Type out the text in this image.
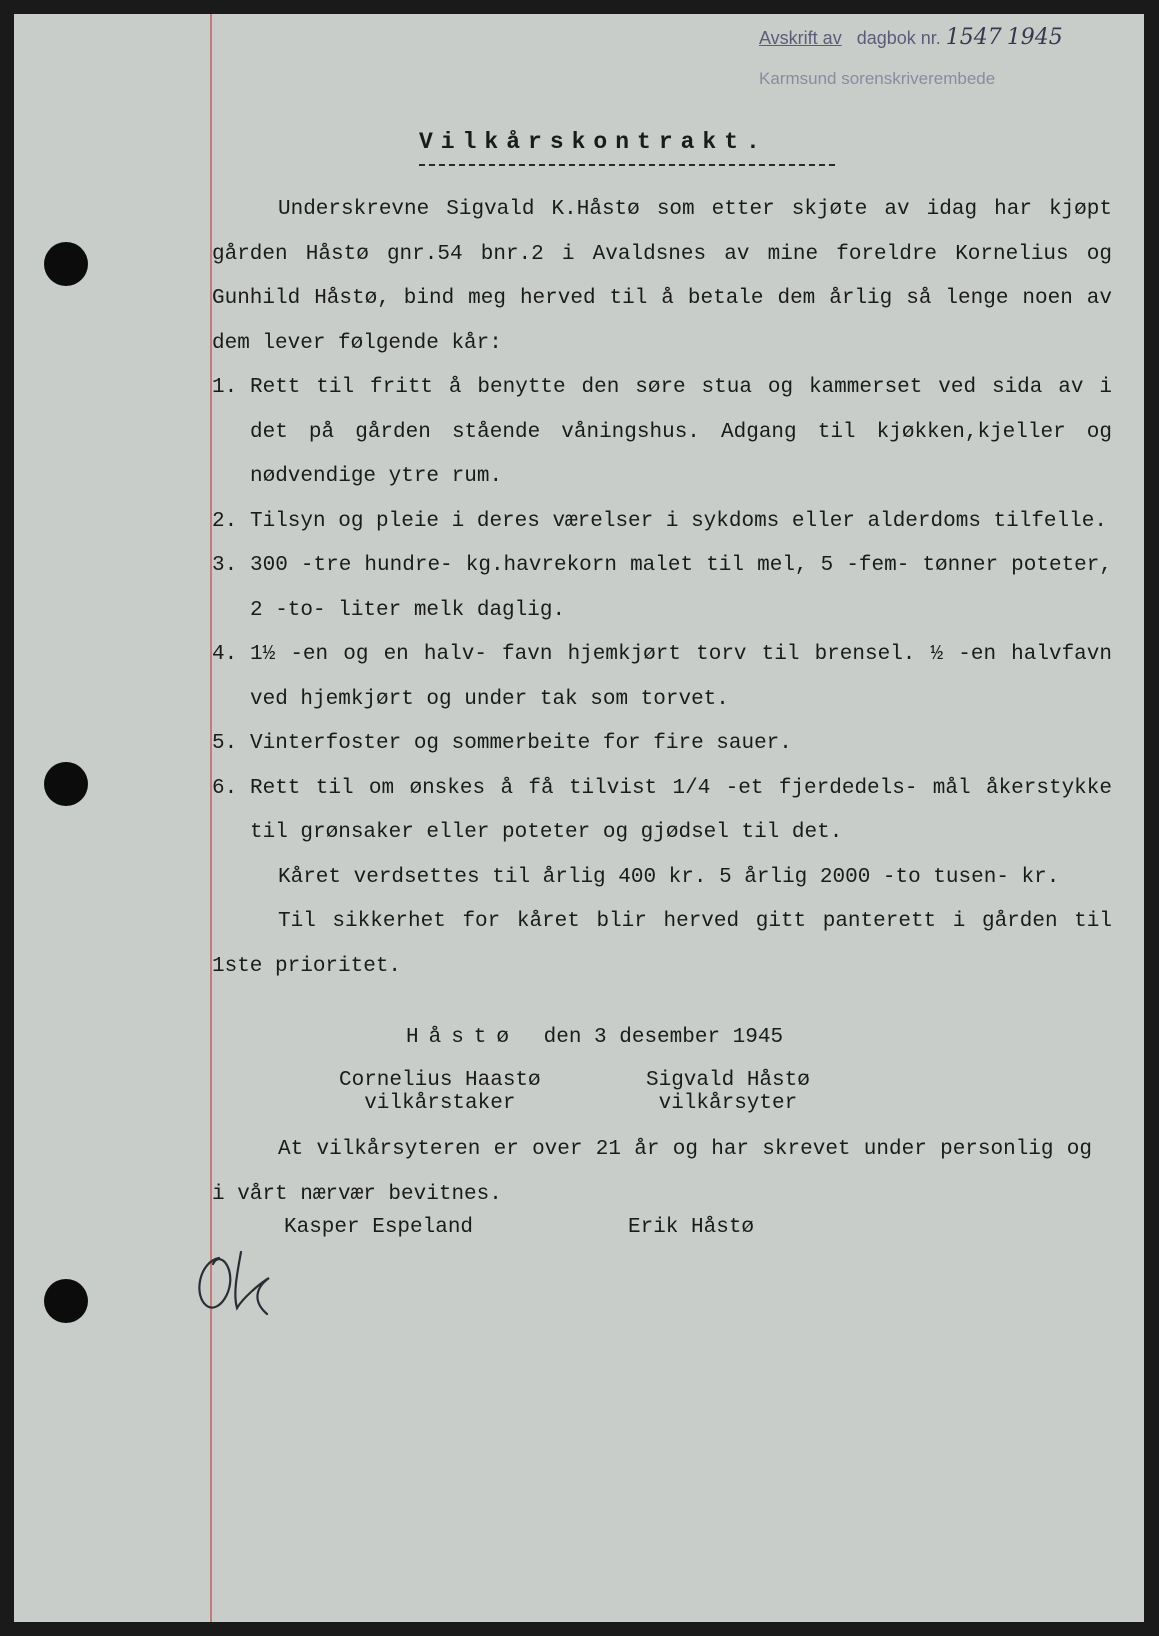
Avskrift av dagbok nr. 1547 1945
Karmsund sorenskriverembede
Vilkårskontrakt.
Underskrevne Sigvald K.Håstø som etter skjøte av idag har kjøpt gården Håstø gnr.54 bnr.2 i Avaldsnes av mine foreldre Kornelius og Gunhild Håstø, bind meg herved til å betale dem årlig så lenge noen av dem lever følgende kår:
1. Rett til fritt å benytte den søre stua og kammerset ved sida av i det på gården stående våningshus. Adgang til kjøkken,kjeller og nødvendige ytre rum.
2. Tilsyn og pleie i deres værelser i sykdoms eller alderdoms tilfelle.
3. 300 -tre hundre- kg.havrekorn malet til mel, 5 -fem- tønner poteter, 2 -to- liter melk daglig.
4. 1½ -en og en halv- favn hjemkjørt torv til brensel. ½ -en halvfavn ved hjemkjørt og under tak som torvet.
5. Vinterfoster og sommerbeite for fire sauer.
6. Rett til om ønskes å få tilvist 1/4 -et fjerdedels- mål åkerstykke til grønsaker eller poteter og gjødsel til det.
Kåret verdsettes til årlig 400 kr. 5 årlig 2000 -to tusen- kr.
Til sikkerhet for kåret blir herved gitt panterett i gården til 1ste prioritet.
Håstø den 3 desember 1945
Cornelius Haastø
vilkårstaker
Sigvald Håstø
vilkårsyter
At vilkårsyteren er over 21 år og har skrevet under personlig og i vårt nærvær bevitnes.
Kasper Espeland	Erik Håstø
